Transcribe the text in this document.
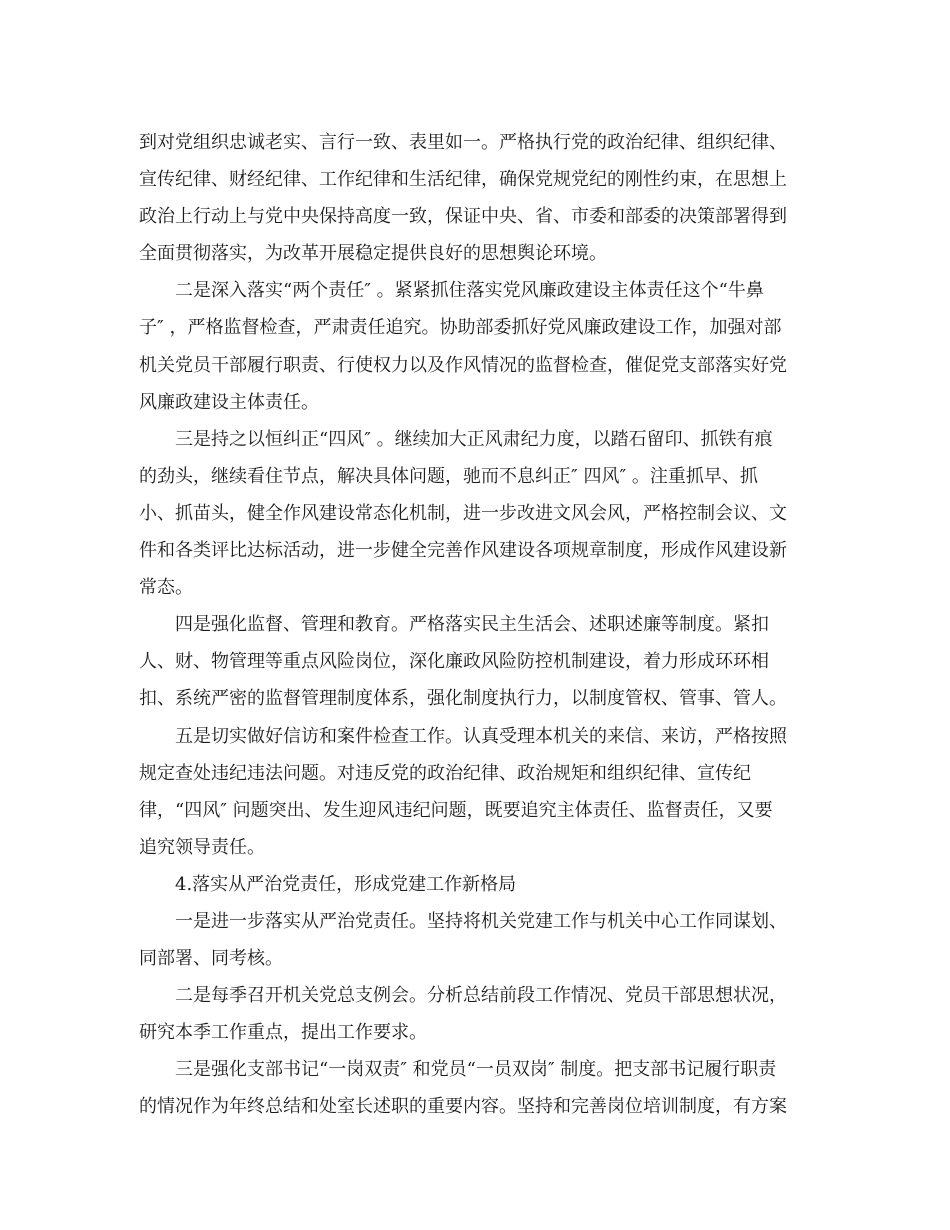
到对党组织忠诚老实、言行一致、表里如一。严格执行党的政治纪律、组织纪律、
宣传纪律、财经纪律、工作纪律和生活纪律，确保党规党纪的刚性约束，在思想上
政治上行动上与党中央保持高度一致，保证中央、省、市委和部委的决策部署得到
全面贯彻落实，为改革开展稳定提供良好的思想舆论环境。
二是深入落实“两个责任″ 。紧紧抓住落实党风廉政建设主体责任这个“牛鼻
子″ ，严格监督检查，严肃责任追究。协助部委抓好党风廉政建设工作，加强对部
机关党员干部履行职责、行使权力以及作风情况的监督检查，催促党支部落实好党
风廉政建设主体责任。
三是持之以恒纠正“四风″ 。继续加大正风肃纪力度，以踏石留印、抓铁有痕
的劲头，继续看住节点，解决具体问题，驰而不息纠正″ 四风″ 。注重抓早、抓
小、抓苗头，健全作风建设常态化机制，进一步改进文风会风，严格控制会议、文
件和各类评比达标活动，进一步健全完善作风建设各项规章制度，形成作风建设新
常态。
四是强化监督、管理和教育。严格落实民主生活会、述职述廉等制度。紧扣
人、财、物管理等重点风险岗位，深化廉政风险防控机制建设，着力形成环环相
扣、系统严密的监督管理制度体系，强化制度执行力，以制度管权、管事、管人。
五是切实做好信访和案件检查工作。认真受理本机关的来信、来访，严格按照
规定查处违纪违法问题。对违反党的政治纪律、政治规矩和组织纪律、宣传纪
律，“四风″ 问题突出、发生迎风违纪问题，既要追究主体责任、监督责任，又要
追究领导责任。
4.落实从严治党责任，形成党建工作新格局
一是进一步落实从严治党责任。坚持将机关党建工作与机关中心工作同谋划、
同部署、同考核。
二是每季召开机关党总支例会。分析总结前段工作情况、党员干部思想状况，
研究本季工作重点，提出工作要求。
三是强化支部书记“一岗双责″ 和党员“一员双岗″ 制度。把支部书记履行职责
的情况作为年终总结和处室长述职的重要内容。坚持和完善岗位培训制度，有方案
